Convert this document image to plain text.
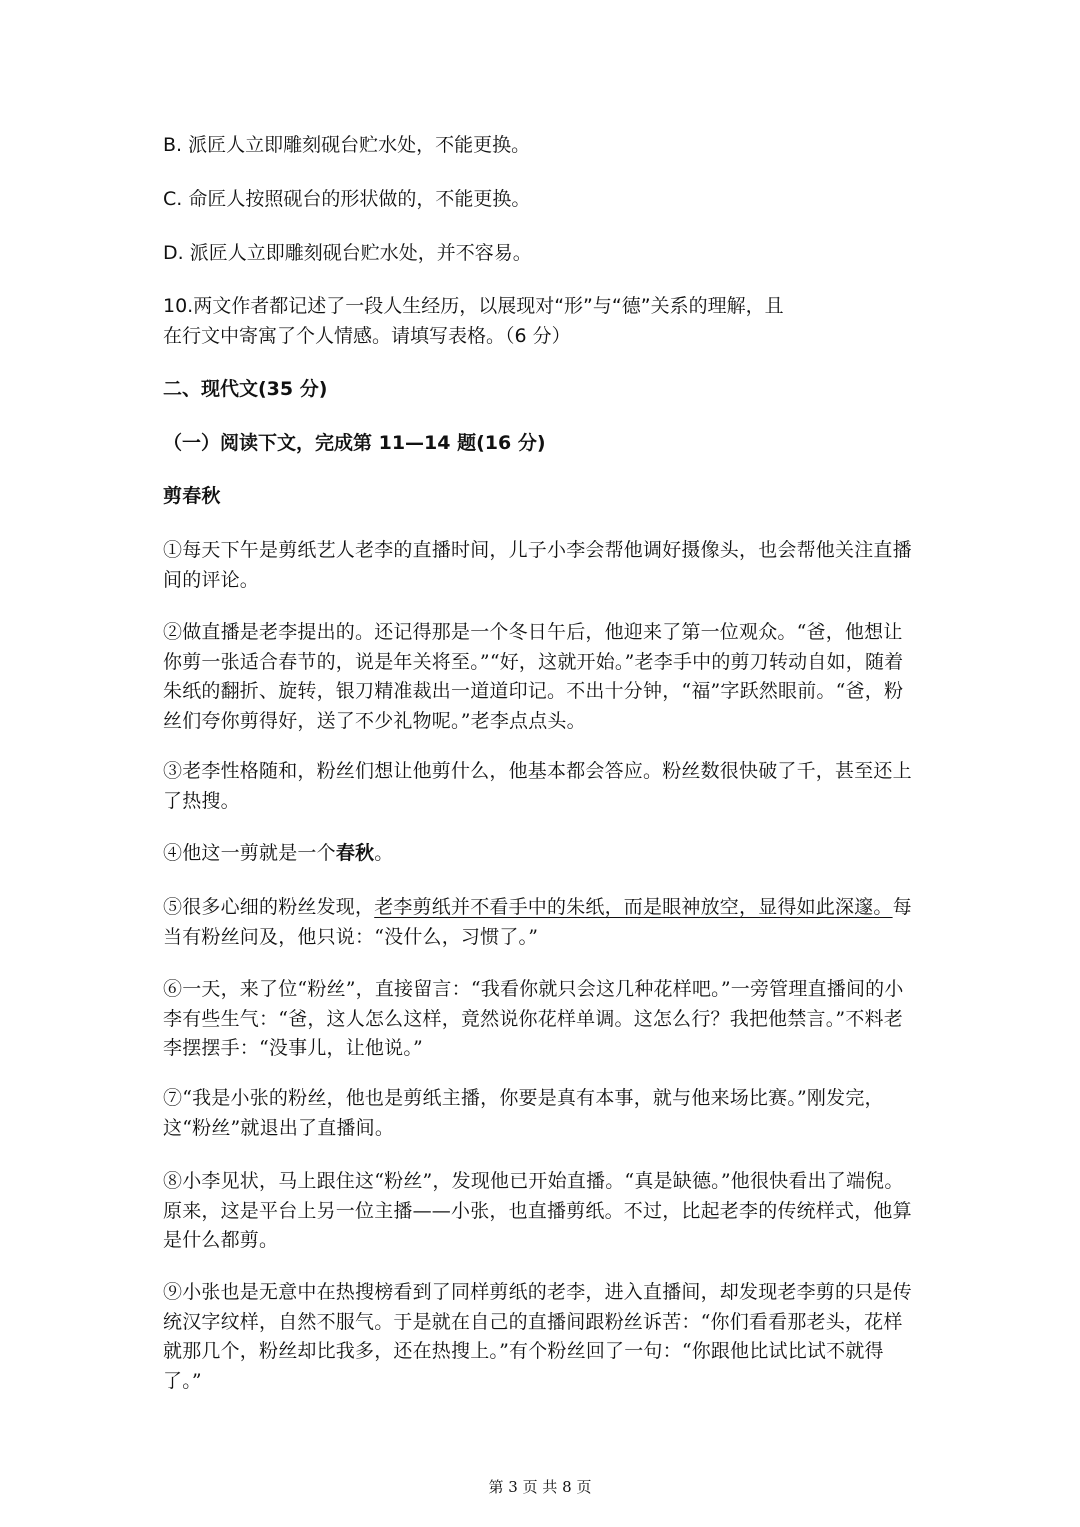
B. 派匠人立即雕刻砚台贮水处，不能更换。

C. 命匠人按照砚台的形状做的，不能更换。

D. 派匠人立即雕刻砚台贮水处，并不容易。

10.两文作者都记述了一段人生经历，以展现对“形”与“德”关系的理解，且
在行文中寄寓了个人情感。请填写表格。（6 分）

二、现代文(35 分)

（一）阅读下文，完成第 11—14 题(16 分)

剪春秋

①每天下午是剪纸艺人老李的直播时间，儿子小李会帮他调好摄像头，也会帮他关注直播间的评论。

②做直播是老李提出的。还记得那是一个冬日午后，他迎来了第一位观众。“爸，他想让你剪一张适合春节的，说是年关将至。”“好，这就开始。”老李手中的剪刀转动自如，随着朱纸的翻折、旋转，银刀精准裁出一道道印记。不出十分钟，“福”字跃然眼前。“爸，粉丝们夸你剪得好，送了不少礼物呢。”老李点点头。

③老李性格随和，粉丝们想让他剪什么，他基本都会答应。粉丝数很快破了千，甚至还上了热搜。

④他这一剪就是一个春秋。

⑤很多心细的粉丝发现，老李剪纸并不看手中的朱纸，而是眼神放空，显得如此深邃。每当有粉丝问及，他只说：“没什么，习惯了。”

⑥一天，来了位“粉丝”，直接留言：“我看你就只会这几种花样吧。”一旁管理直播间的小李有些生气：“爸，这人怎么这样，竟然说你花样单调。这怎么行？我把他禁言。”不料老李摆摆手：“没事儿，让他说。”

⑦“我是小张的粉丝，他也是剪纸主播，你要是真有本事，就与他来场比赛。”刚发完，这“粉丝”就退出了直播间。

⑧小李见状，马上跟住这“粉丝”，发现他已开始直播。“真是缺德。”他很快看出了端倪。原来，这是平台上另一位主播——小张，也直播剪纸。不过，比起老李的传统样式，他算是什么都剪。

⑨小张也是无意中在热搜榜看到了同样剪纸的老李，进入直播间，却发现老李剪的只是传统汉字纹样，自然不服气。于是就在自己的直播间跟粉丝诉苦：“你们看看那老头，花样就那几个，粉丝却比我多，还在热搜上。”有个粉丝回了一句：“你跟他比试比试不就得了。”

第 3 页 共 8 页
